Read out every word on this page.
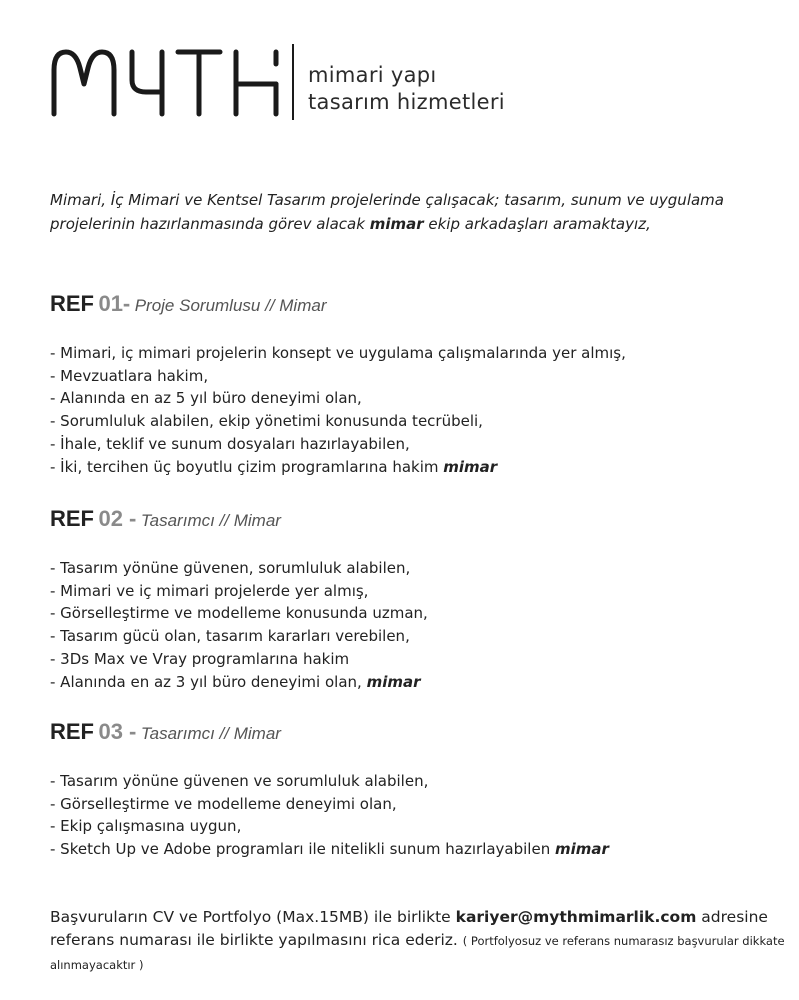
mimari yapı
tasarım hizmetleri
Mimari, İç Mimari ve Kentsel Tasarım projelerinde çalışacak; tasarım, sunum ve uygulama projelerinin hazırlanmasında görev alacak mimar ekip arkadaşları aramaktayız,
REF 01- Proje Sorumlusu // Mimar
- Mimari, iç mimari projelerin konsept ve uygulama çalışmalarında yer almış,
- Mevzuatlara hakim,
- Alanında en az 5 yıl büro deneyimi olan,
- Sorumluluk alabilen, ekip yönetimi konusunda tecrübeli,
- İhale, teklif ve sunum dosyaları hazırlayabilen,
- İki, tercihen üç boyutlu çizim programlarına hakim mimar
REF 02 - Tasarımcı // Mimar
- Tasarım yönüne güvenen, sorumluluk alabilen,
- Mimari ve iç mimari projelerde yer almış,
- Görselleştirme ve modelleme konusunda uzman,
- Tasarım gücü olan, tasarım kararları verebilen,
- 3Ds Max ve Vray programlarına hakim
- Alanında en az 3 yıl büro deneyimi olan, mimar
REF 03 - Tasarımcı // Mimar
- Tasarım yönüne güvenen ve sorumluluk alabilen,
- Görselleştirme ve modelleme deneyimi olan,
- Ekip çalışmasına uygun,
- Sketch Up ve Adobe programları ile nitelikli sunum hazırlayabilen mimar
Başvuruların CV ve Portfolyo (Max.15MB) ile birlikte kariyer@mythmimarlik.com adresine referans numarası ile birlikte yapılmasını rica ederiz. ( Portfolyosuz ve referans numarasız başvurular dikkate alınmayacaktır )
